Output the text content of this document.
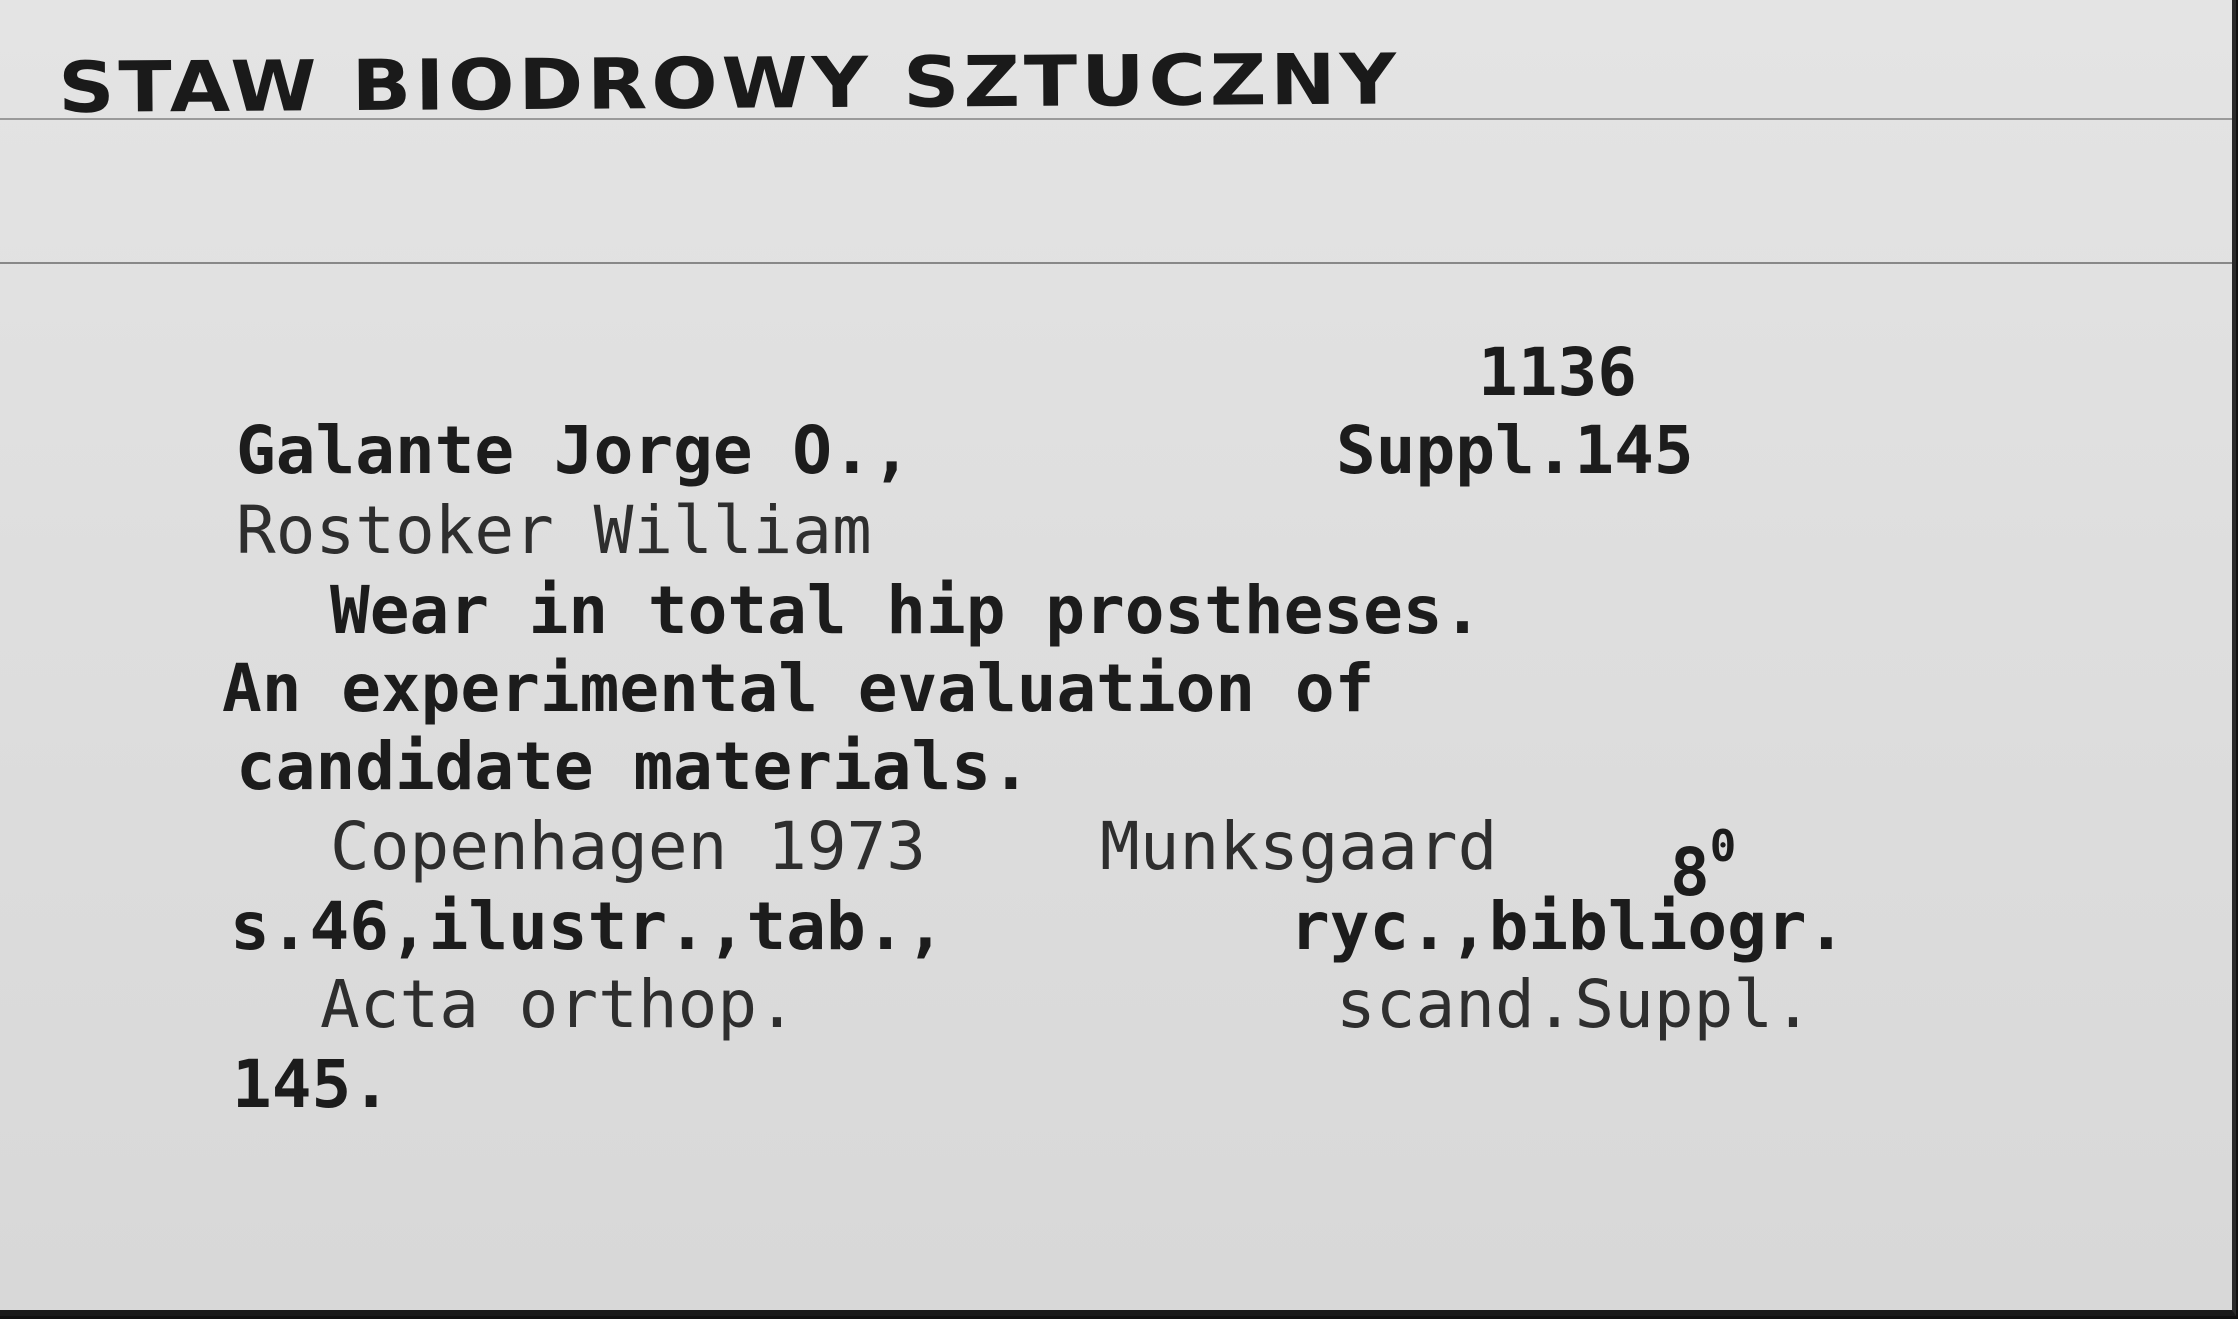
STAW BIODROWY SZTUCZNY
1136
Galante Jorge O.,	Suppl.145
Rostoker William
Wear in total hip prostheses.
An experimental evaluation of
candidate materials.
Copenhagen 1973	Munksgaard	$8^0$
s.46,ilustr.,tab.,	ryc.,bibliogr.
Acta orthop.	scand.Suppl.
145.
